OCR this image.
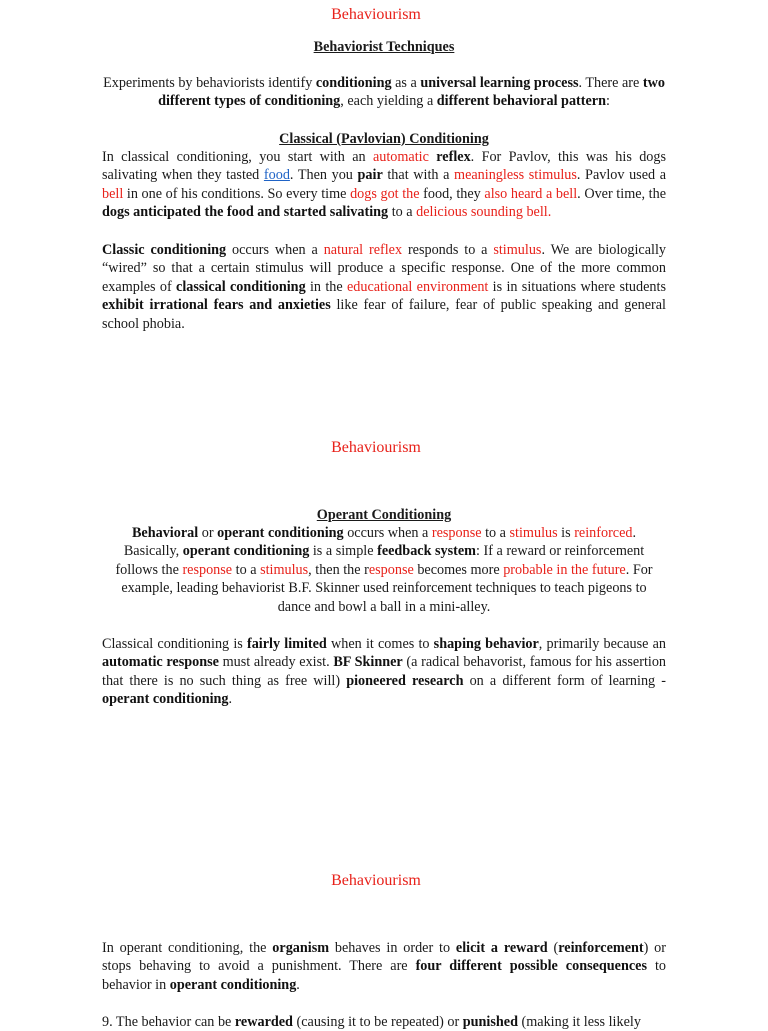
Behaviourism
Behaviorist Techniques

Experiments by behaviorists identify conditioning as a universal learning process. There are two different types of conditioning, each yielding a different behavioral pattern:

Classical (Pavlovian) Conditioning

In classical conditioning, you start with an automatic reflex. For Pavlov, this was his dogs salivating when they tasted food. Then you pair that with a meaningless stimulus. Pavlov used a bell in one of his conditions. So every time dogs got the food, they also heard a bell. Over time, the dogs anticipated the food and started salivating to a delicious sounding bell.

Classic conditioning occurs when a natural reflex responds to a stimulus. We are biologically “wired” so that a certain stimulus will produce a specific response. One of the more common examples of classical conditioning in the educational environment is in situations where students exhibit irrational fears and anxieties like fear of failure, fear of public speaking and general school phobia.

Behaviourism
Operant Conditioning

Behavioral or operant conditioning occurs when a response to a stimulus is reinforced. Basically, operant conditioning is a simple feedback system: If a reward or reinforcement follows the response to a stimulus, then the response becomes more probable in the future. For example, leading behaviorist B.F. Skinner used reinforcement techniques to teach pigeons to dance and bowl a ball in a mini-alley.

Classical conditioning is fairly limited when it comes to shaping behavior, primarily because an automatic response must already exist. BF Skinner (a radical behavorist, famous for his assertion that there is no such thing as free will) pioneered research on a different form of learning - operant conditioning.

Behaviourism

In operant conditioning, the organism behaves in order to elicit a reward (reinforcement) or stops behaving to avoid a punishment. There are four different possible consequences to behavior in operant conditioning.

9. The behavior can be rewarded (causing it to be repeated) or punished (making it less likely
